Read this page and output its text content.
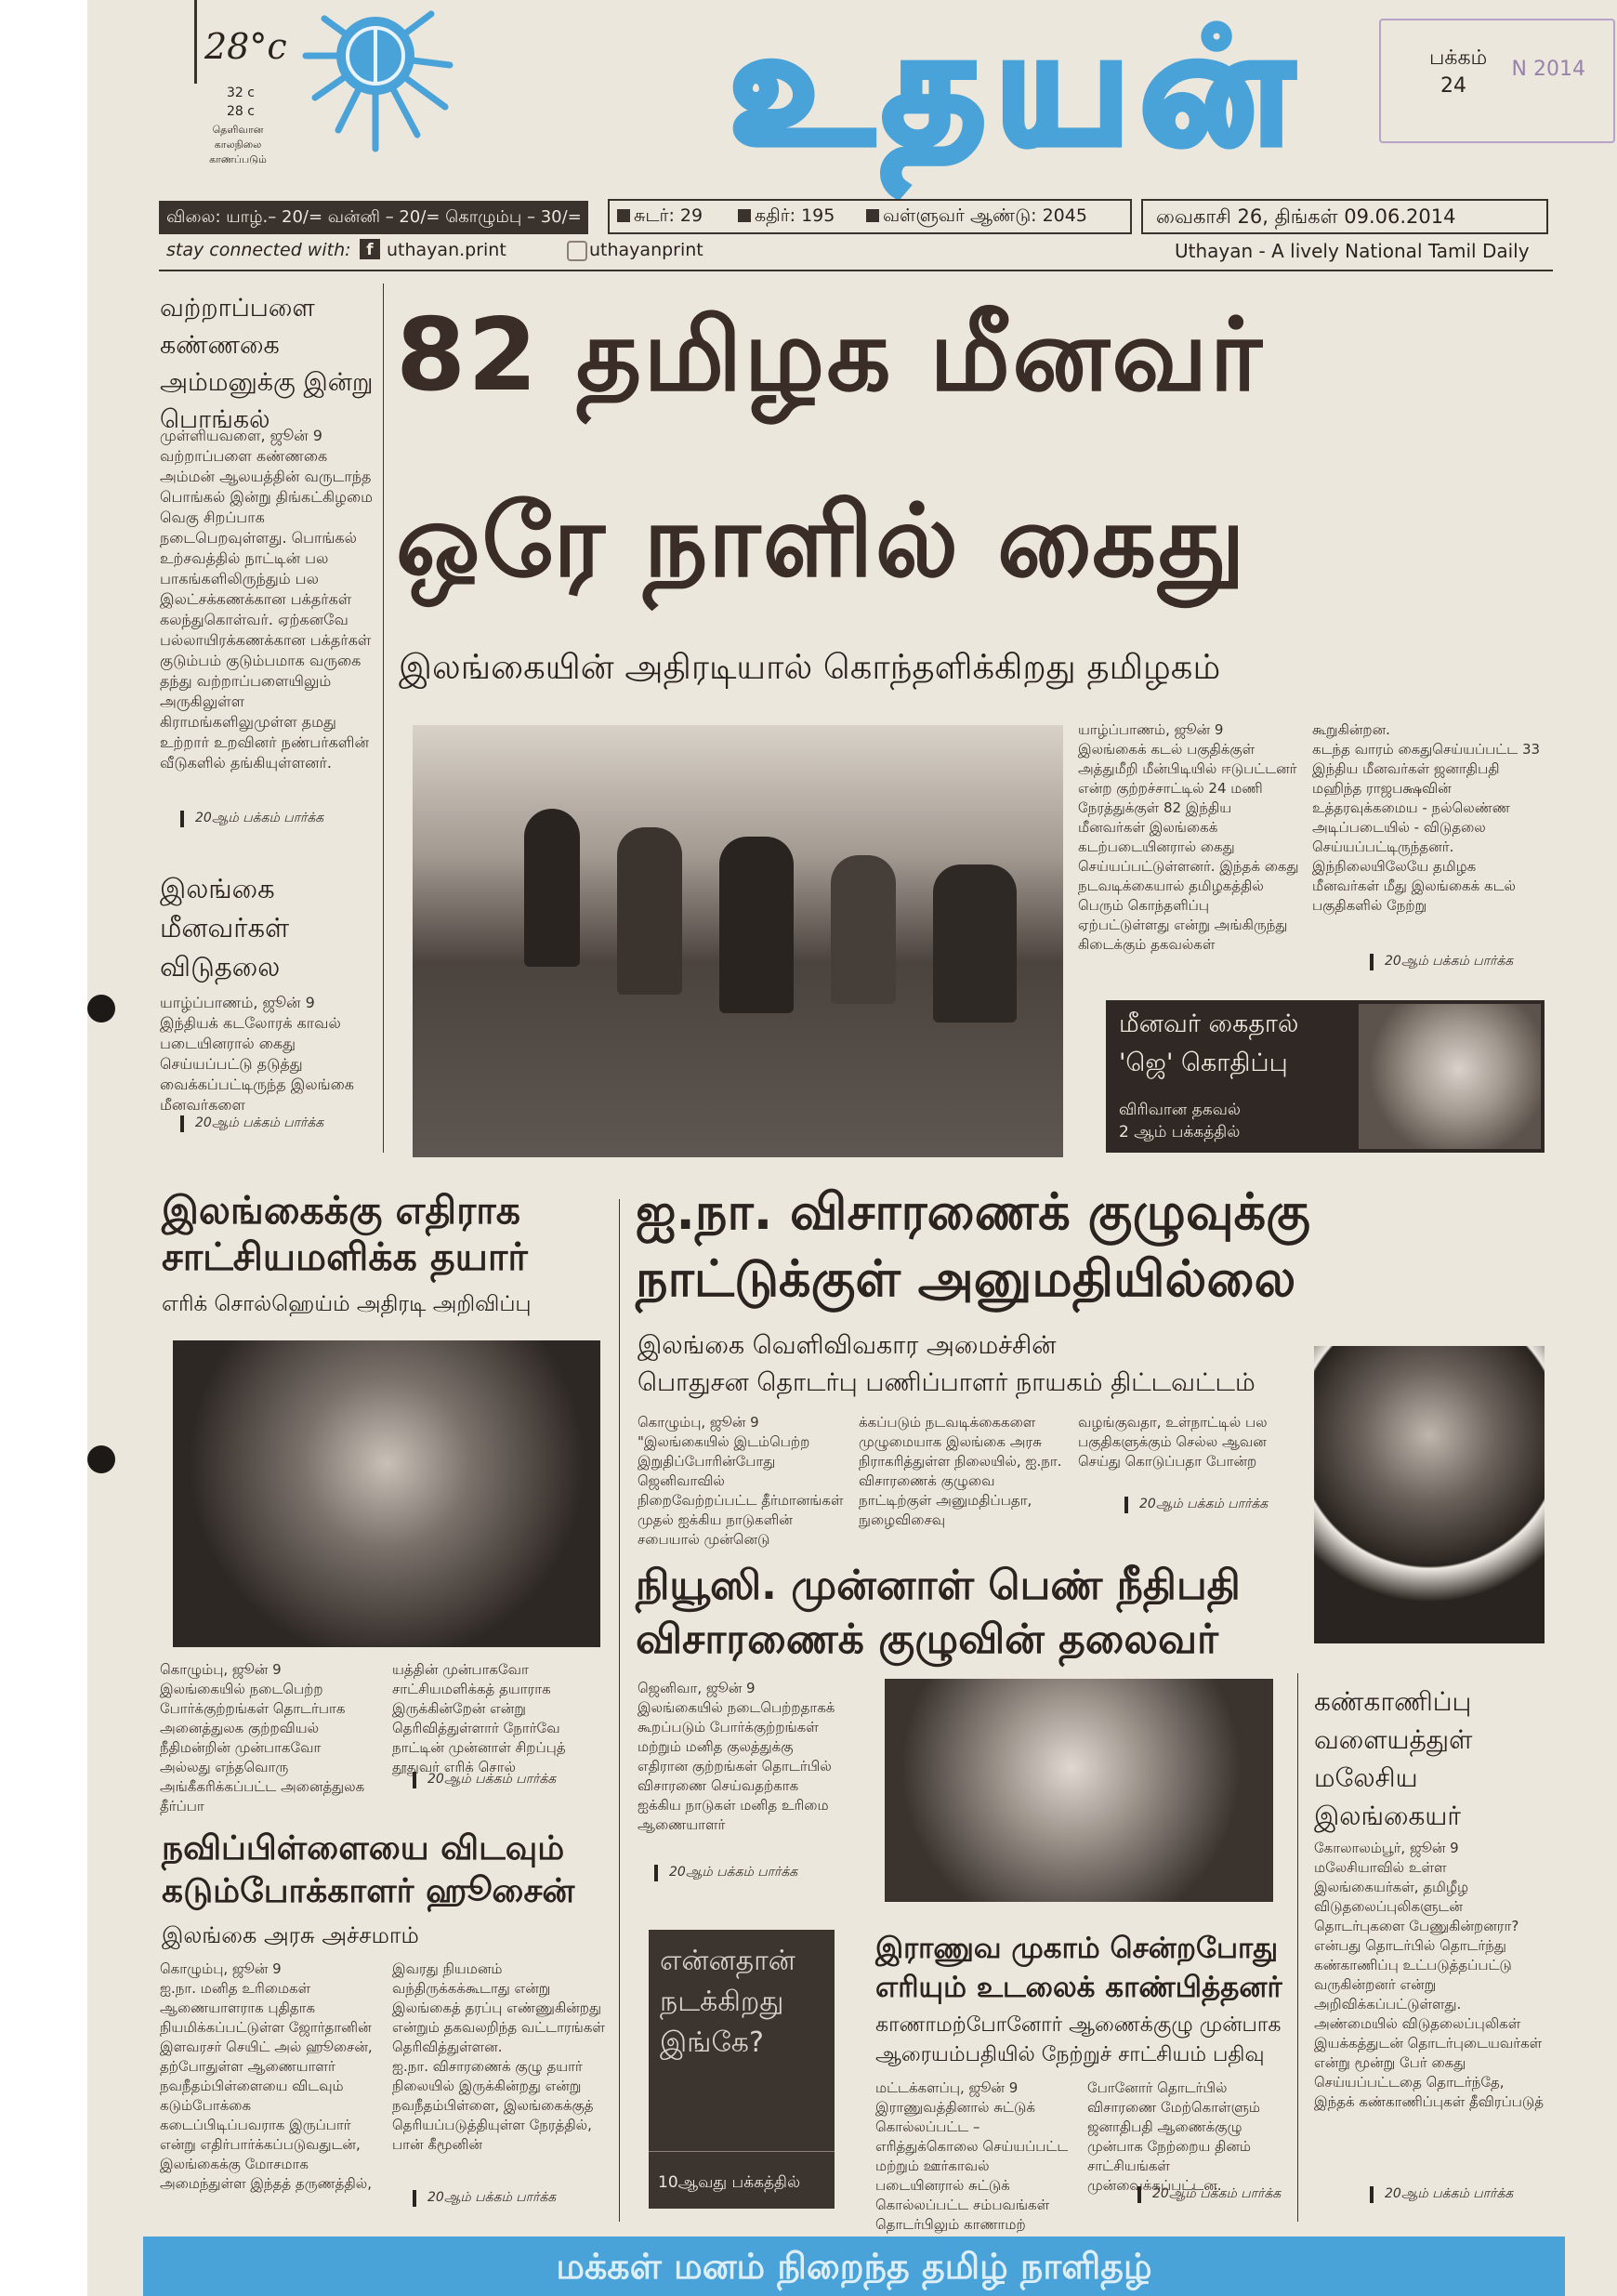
28°c
32 c
28 c
தெளிவான காலநிலை காணப்படும்	உதயன்	பக்கம்
24
N 2014
விலை: யாழ்.– 20/= வன்னி – 20/= கொழும்பு – 30/=	சுடர்: 29	கதிர்: 195	வள்ளுவர் ஆண்டு: 2045	வைகாசி 26, திங்கள் 09.06.2014
stay connected with: f uthayan.print	uthayanprint	Uthayan - A lively National Tamil Daily
வற்றாப்பளை கண்ணகை அம்மனுக்கு இன்று பொங்கல்
முள்ளியவளை, ஜூன் 9
வற்றாப்பளை கண்ணகை அம்மன் ஆலயத்தின் வருடாந்த பொங்கல் இன்று திங்கட்கிழமை வெகு சிறப்பாக நடைபெறவுள்ளது. பொங்கல் உற்சவத்தில் நாட்டின் பல பாகங்களிலிருந்தும் பல இலட்சக்கணக்கான பக்தர்கள் கலந்துகொள்வர். ஏற்கனவே பல்லாயிரக்கணக்கான பக்தர்கள் குடும்பம் குடும்பமாக வருகை தந்து வற்றாப்பளையிலும் அருகிலுள்ள கிராமங்களிலுமுள்ள தமது உற்றார் உறவினர் நண்பர்களின் வீடுகளில் தங்கியுள்ளனர்.
20ஆம் பக்கம் பார்க்க
இலங்கை மீனவர்கள் விடுதலை
யாழ்ப்பாணம், ஜூன் 9
இந்தியக் கடலோரக் காவல் படையினரால் கைது செய்யப்பட்டு தடுத்து வைக்கப்பட்டிருந்த இலங்கை மீனவர்களை
20ஆம் பக்கம் பார்க்க
82 தமிழக மீனவர்
ஒரே நாளில் கைது
இலங்கையின் அதிரடியால் கொந்தளிக்கிறது தமிழகம்
யாழ்ப்பாணம், ஜூன் 9
இலங்கைக் கடல் பகுதிக்குள் அத்துமீறி மீன்பிடியில் ஈடுபட்டனர் என்ற குற்றச்சாட்டில் 24 மணி நேரத்துக்குள் 82 இந்திய மீனவர்கள் இலங்கைக் கடற்படையினரால் கைது செய்யப்பட்டுள்ளனர். இந்தக் கைது நடவடிக்கையால் தமிழகத்தில் பெரும் கொந்தளிப்பு ஏற்பட்டுள்ளது என்று அங்கிருந்து கிடைக்கும் தகவல்கள்
கூறுகின்றன.
கடந்த வாரம் கைதுசெய்யப்பட்ட 33 இந்திய மீனவர்கள் ஜனாதிபதி மஹிந்த ராஜபக்ஷவின் உத்தரவுக்கமைய - நல்லெண்ண அடிப்படையில் - விடுதலை செய்யப்பட்டிருந்தனர். இந்நிலையிலேயே தமிழக மீனவர்கள் மீது இலங்கைக் கடல் பகுதிகளில் நேற்று
20ஆம் பக்கம் பார்க்க
மீனவர் கைதால்
'ஜெ' கொதிப்பு
விரிவான தகவல்
2 ஆம் பக்கத்தில்
இலங்கைக்கு எதிராக
சாட்சியமளிக்க தயார்
எரிக் சொல்ஹெய்ம் அதிரடி அறிவிப்பு
கொழும்பு, ஜூன் 9
இலங்கையில் நடைபெற்ற போர்க்குற்றங்கள் தொடர்பாக அனைத்துலக குற்றவியல் நீதிமன்றின் முன்பாகவோ அல்லது எந்தவொரு அங்கீகரிக்கப்பட்ட அனைத்துலக தீர்ப்பா
யத்தின் முன்பாகவோ சாட்சியமளிக்கத் தயாராக இருக்கின்றேன் என்று தெரிவித்துள்ளார் நோர்வே நாட்டின் முன்னாள் சிறப்புத் தூதுவர் எரிக் சொல்
20ஆம் பக்கம் பார்க்க
ஐ.நா. விசாரணைக் குழுவுக்கு
நாட்டுக்குள் அனுமதியில்லை
இலங்கை வெளிவிவகார அமைச்சின்
பொதுசன தொடர்பு பணிப்பாளர் நாயகம் திட்டவட்டம்
கொழும்பு, ஜூன் 9
"இலங்கையில் இடம்பெற்ற இறுதிப்போரின்போது ஜெனிவாவில் நிறைவேற்றப்பட்ட தீர்மானங்கள் முதல் ஐக்கிய நாடுகளின் சபையால் முன்னெடு
க்கப்படும் நடவடிக்கைகளை முழுமையாக இலங்கை அரசு நிராகரித்துள்ள நிலையில், ஐ.நா. விசாரணைக் குழுவை நாட்டிற்குள் அனுமதிப்பதா, நுழைவிசைவு
வழங்குவதா, உள்நாட்டில் பல பகுதிகளுக்கும் செல்ல ஆவன செய்து கொடுப்பதா போன்ற
20ஆம் பக்கம் பார்க்க
நியூஸி. முன்னாள் பெண் நீதிபதி
விசாரணைக் குழுவின் தலைவர்
ஜெனிவா, ஜூன் 9
இலங்கையில் நடைபெற்றதாகக் கூறப்படும் போர்க்குற்றங்கள் மற்றும் மனித குலத்துக்கு எதிரான குற்றங்கள் தொடர்பில் விசாரணை செய்வதற்காக ஐக்கிய நாடுகள் மனித உரிமை ஆணையாளர்
20ஆம் பக்கம் பார்க்க
கண்காணிப்பு வளையத்துள் மலேசிய இலங்கையர்
கோலாலம்பூர், ஜூன் 9
மலேசியாவில் உள்ள இலங்கையர்கள், தமிழீழ விடுதலைப்புலிகளுடன் தொடர்புகளை பேணுகின்றனரா? என்பது தொடர்பில் தொடர்ந்து கண்காணிப்பு உட்படுத்தப்பட்டு வருகின்றனர் என்று அறிவிக்கப்பட்டுள்ளது.
அண்மையில் விடுதலைப்புலிகள் இயக்கத்துடன் தொடர்புடையவர்கள் என்று மூன்று பேர் கைது செய்யப்பட்டதை தொடர்ந்தே, இந்தக் கண்காணிப்புகள் தீவிரப்படுத்
20ஆம் பக்கம் பார்க்க
நவிப்பிள்ளையை விடவும்
கடும்போக்காளர் ஹூசைன்
இலங்கை அரசு அச்சமாம்
கொழும்பு, ஜூன் 9
ஐ.நா. மனித உரிமைகள் ஆணையாளராக புதிதாக நியமிக்கப்பட்டுள்ள ஜோர்தானின் இளவரசர் செயிட் அல் ஹூசைன், தற்போதுள்ள ஆணையாளர் நவநீதம்பிள்ளையை விடவும் கடும்போக்கை கடைப்பிடிப்பவராக இருப்பார் என்று எதிர்பார்க்கப்படுவதுடன், இலங்கைக்கு மோசமாக அமைந்துள்ள இந்தத் தருணத்தில்,
இவரது நியமனம் வந்திருக்கக்கூடாது என்று இலங்கைத் தரப்பு எண்ணுகின்றது என்றும் தகவலறிந்த வட்டாரங்கள் தெரிவித்துள்ளன.
ஐ.நா. விசாரணைக் குழு தயார் நிலையில் இருக்கின்றது என்று நவநீதம்பிள்ளை, இலங்கைக்குத் தெரியப்படுத்தியுள்ள நேரத்தில், பான் கீமூனின்
20ஆம் பக்கம் பார்க்க
என்னதான்
நடக்கிறது
இங்கே?
10ஆவது பக்கத்தில்
இராணுவ முகாம் சென்றபோது
எரியும் உடலைக் காண்பித்தனர்
காணாமற்போனோர் ஆணைக்குழு முன்பாக
ஆரையம்பதியில் நேற்றுச் சாட்சியம் பதிவு
மட்டக்களப்பு, ஜூன் 9
இராணுவத்தினால் சுட்டுக் கொல்லப்பட்ட – எரித்துக்கொலை செய்யப்பட்ட மற்றும் ஊர்காவல் படையினரால் சுட்டுக் கொல்லப்பட்ட சம்பவங்கள் தொடர்பிலும் காணாமற்
போனோர் தொடர்பில் விசாரணை மேற்கொள்ளும் ஜனாதிபதி ஆணைக்குழு முன்பாக நேற்றைய தினம் சாட்சியங்கள் முன்வைக்கப்பட்டன.
20ஆம் பக்கம் பார்க்க
மக்கள் மனம் நிறைந்த தமிழ் நாளிதழ்
